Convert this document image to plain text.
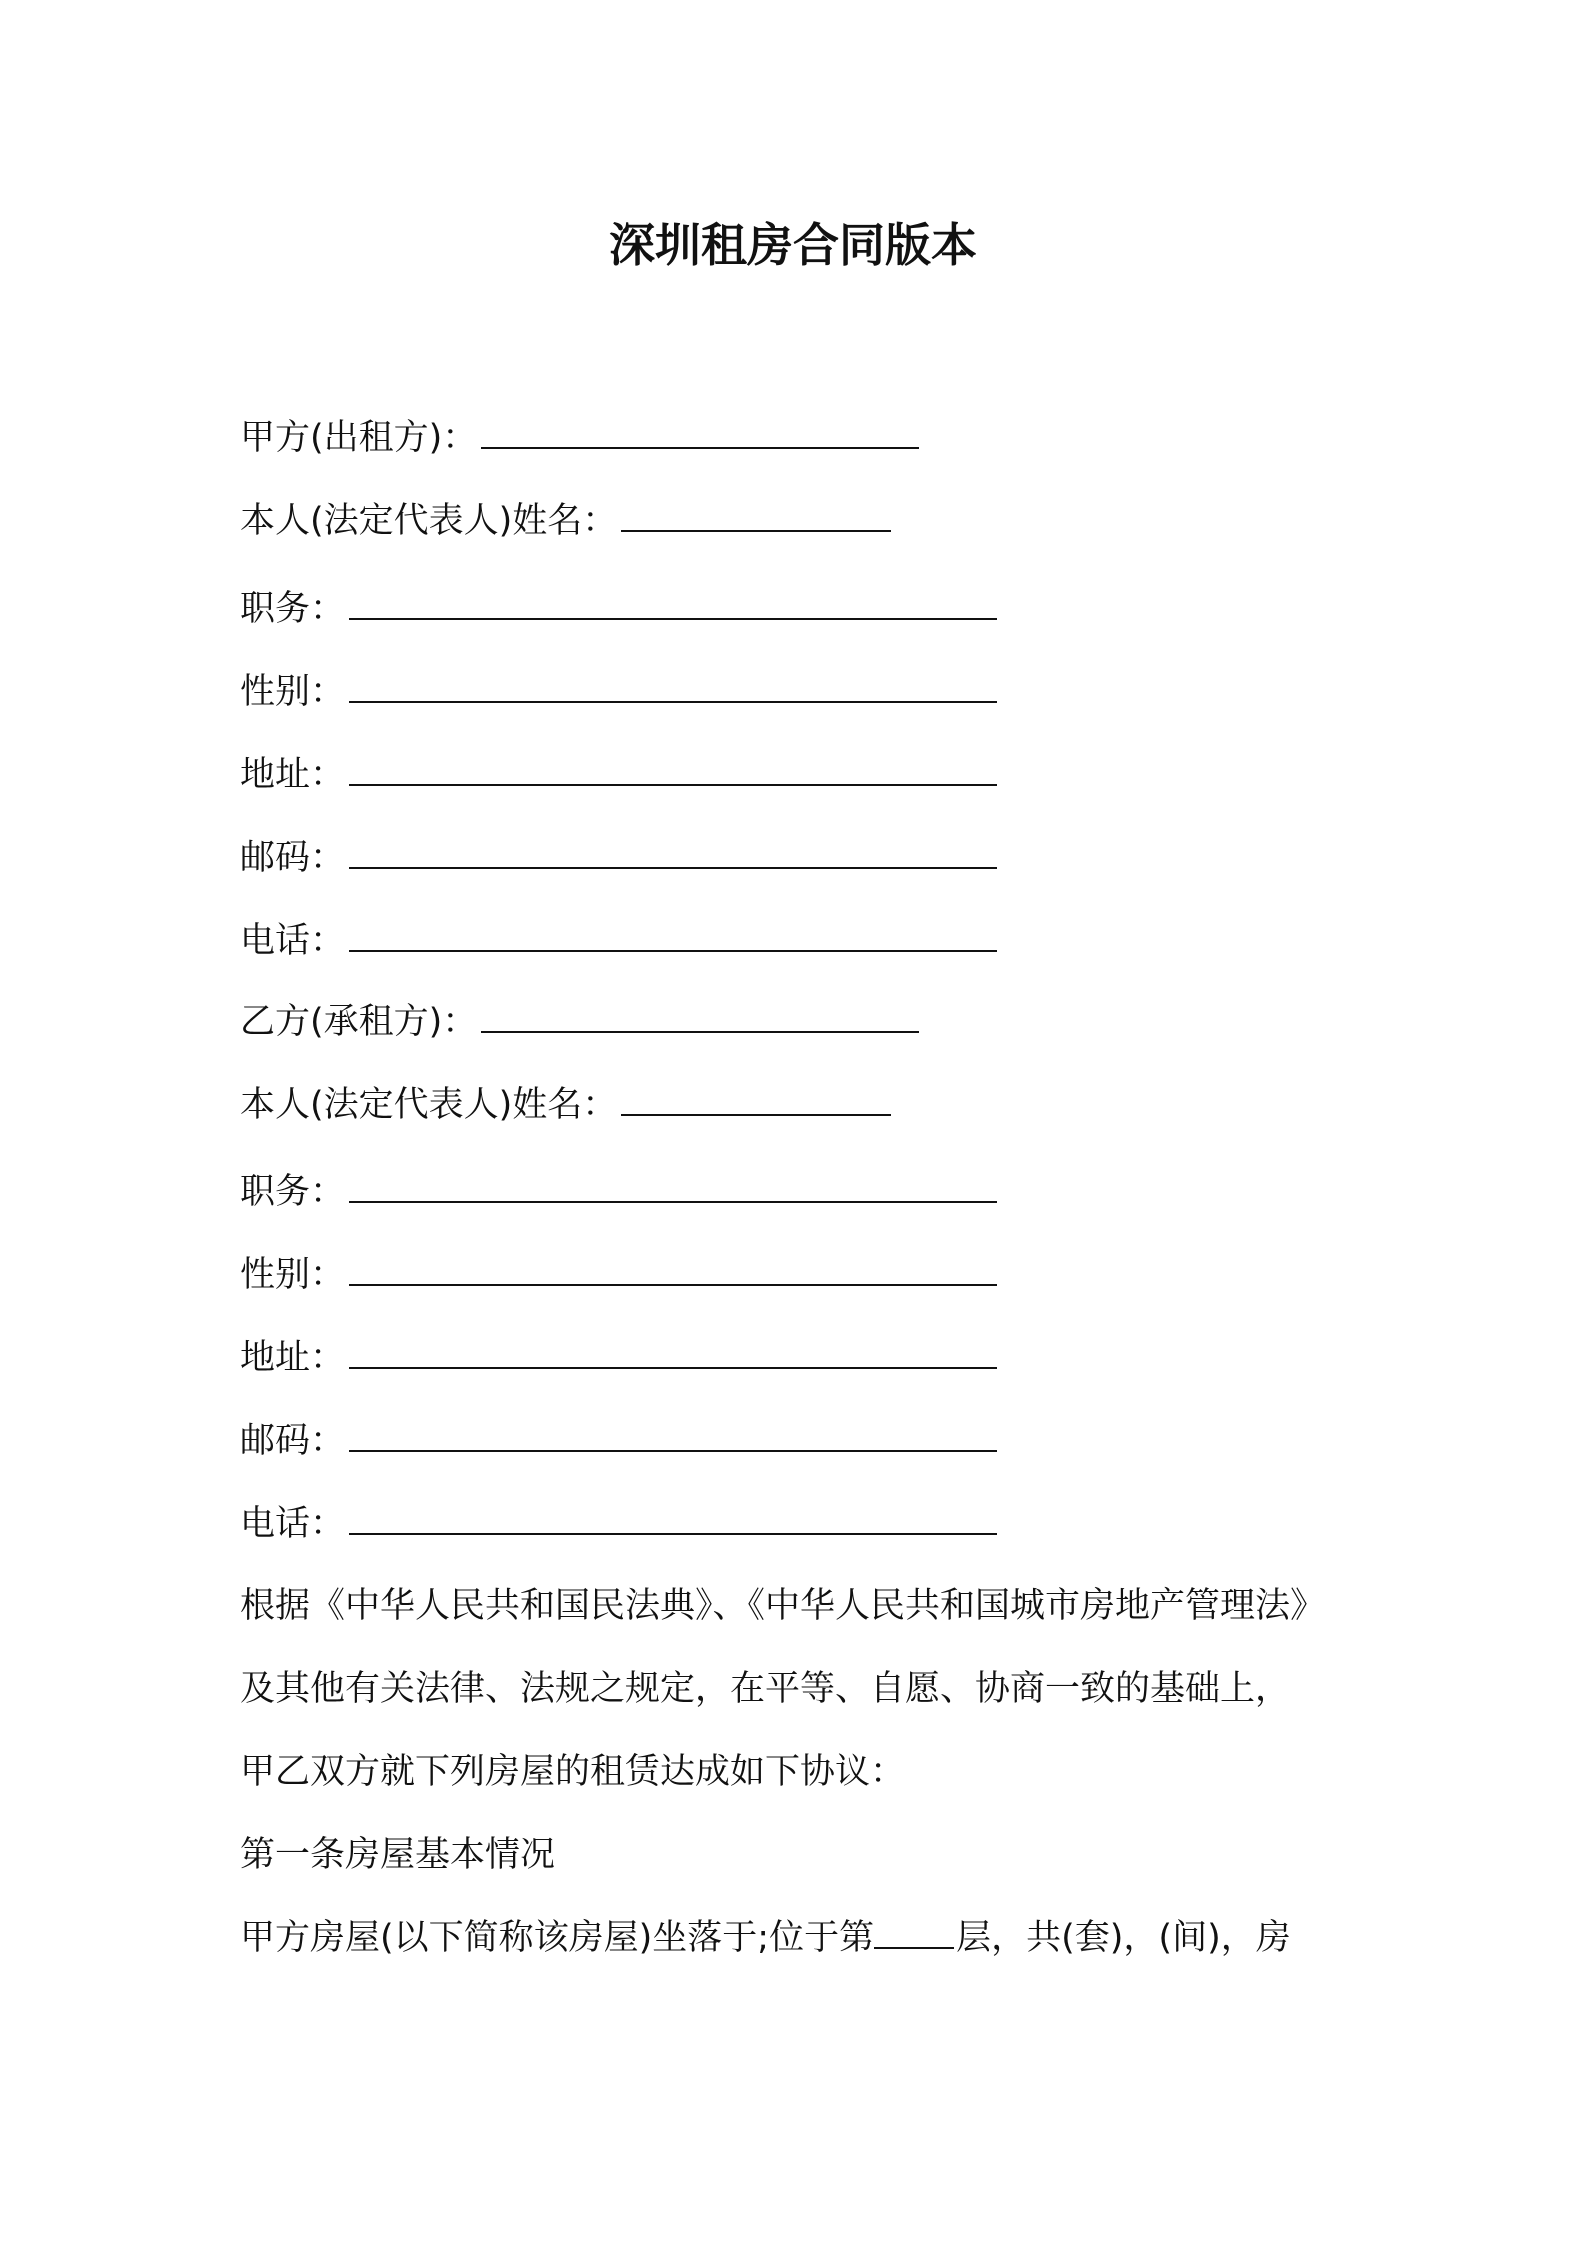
深圳租房合同版本
甲方(出租方)：
本人(法定代表人)姓名：
职务：
性别：
地址：
邮码：
电话：
乙方(承租方)：
本人(法定代表人)姓名：
职务：
性别：
地址：
邮码：
电话：
根据《中华人民共和国民法典》、《中华人民共和国城市房地产管理法》
及其他有关法律、法规之规定，在平等、自愿、协商一致的基础上，
甲乙双方就下列房屋的租赁达成如下协议：
第一条房屋基本情况
甲方房屋(以下简称该房屋)坐落于;位于第 层，共(套)，(间)，房
